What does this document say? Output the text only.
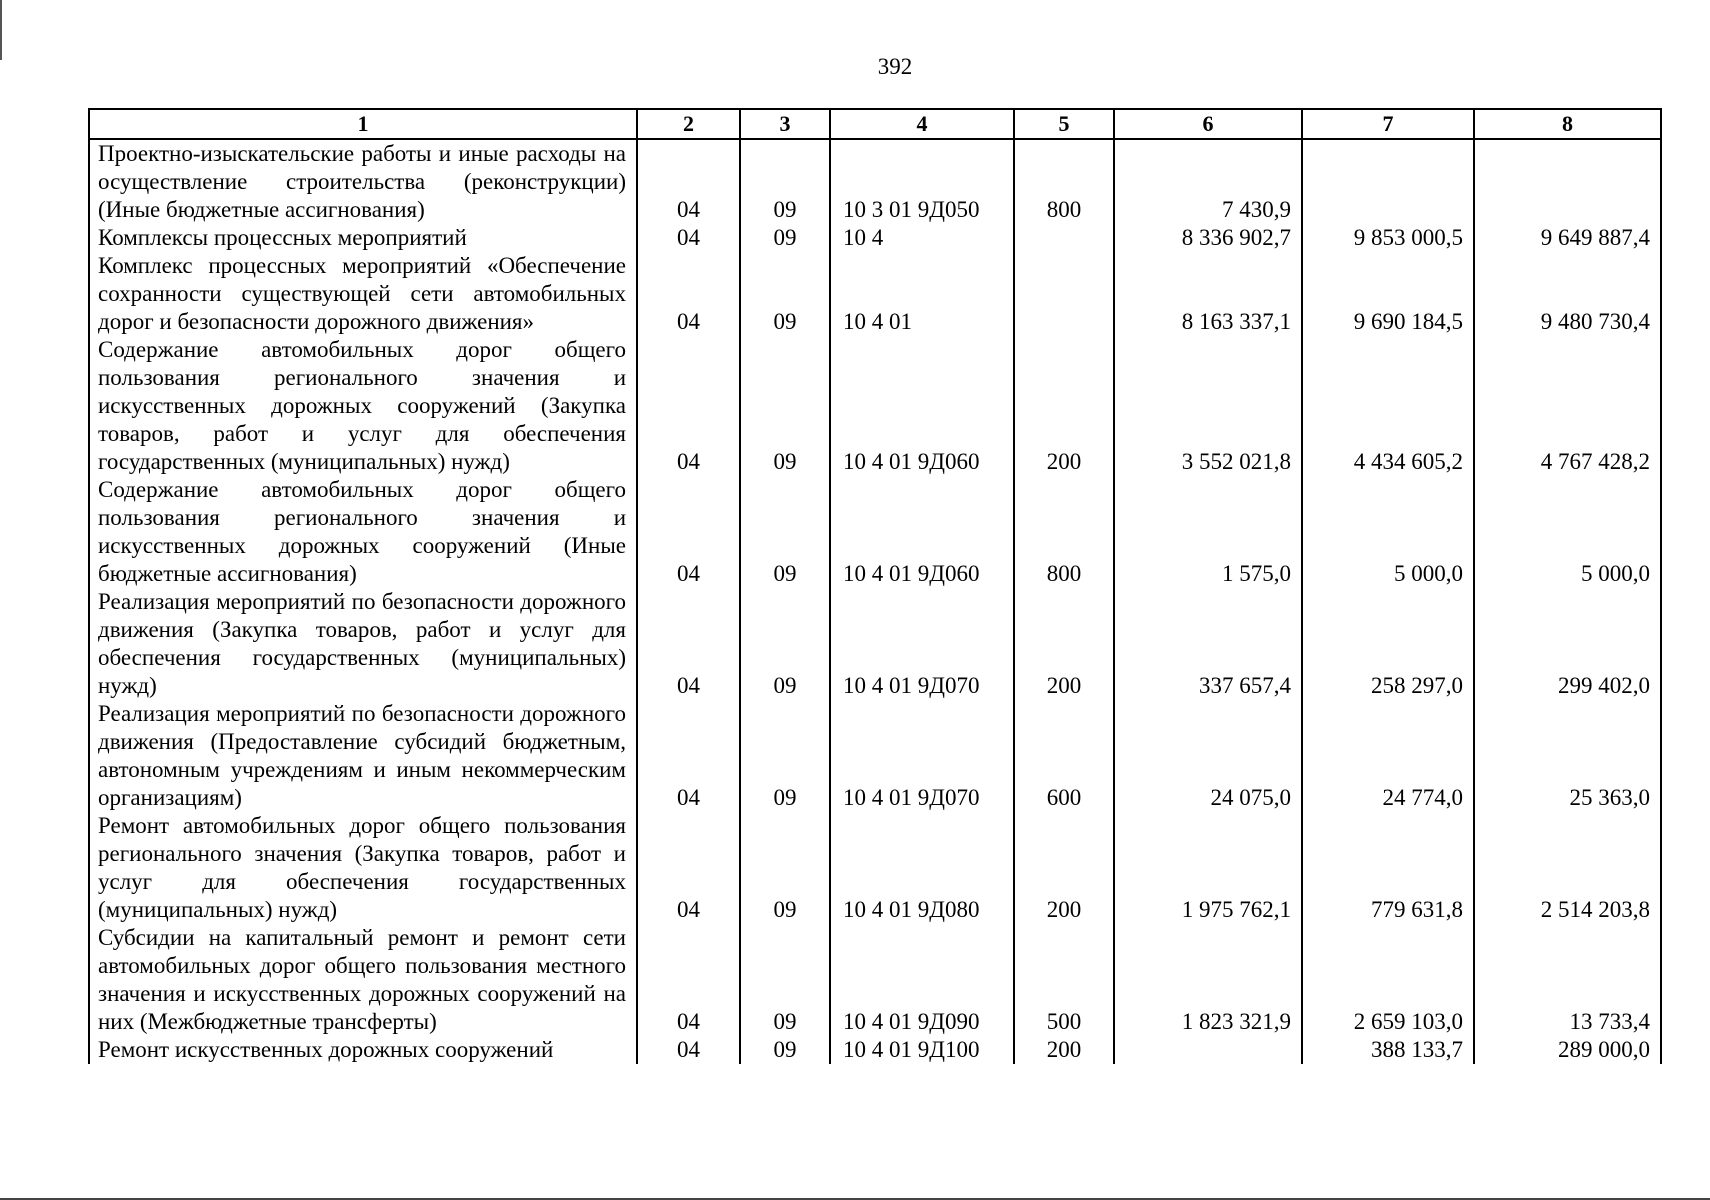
392
1	2	3	4	5	6	7	8
Проектно-изыскательские работы и иные расходы на осуществление строительства (реконструкции) (Иные бюджетные ассигнования)	04	09	10 3 01 9Д050	800	7 430,9		
Комплексы процессных мероприятий	04	09	10 4		8 336 902,7	9 853 000,5	9 649 887,4
Комплекс процессных мероприятий «Обеспечение сохранности существующей сети автомобильных дорог и безопасности дорожного движения»	04	09	10 4 01		8 163 337,1	9 690 184,5	9 480 730,4
Содержание автомобильных дорог общего пользования регионального значения и искусственных дорожных сооружений (Закупка товаров, работ и услуг для обеспечения государственных (муниципальных) нужд)	04	09	10 4 01 9Д060	200	3 552 021,8	4 434 605,2	4 767 428,2
Содержание автомобильных дорог общего пользования регионального значения и искусственных дорожных сооружений (Иные бюджетные ассигнования)	04	09	10 4 01 9Д060	800	1 575,0	5 000,0	5 000,0
Реализация мероприятий по безопасности дорожного движения (Закупка товаров, работ и услуг для обеспечения государственных (муниципальных) нужд)	04	09	10 4 01 9Д070	200	337 657,4	258 297,0	299 402,0
Реализация мероприятий по безопасности дорожного движения (Предоставление субсидий бюджетным, автономным учреждениям и иным некоммерческим организациям)	04	09	10 4 01 9Д070	600	24 075,0	24 774,0	25 363,0
Ремонт автомобильных дорог общего пользования регионального значения (Закупка товаров, работ и услуг для обеспечения государственных (муниципальных) нужд)	04	09	10 4 01 9Д080	200	1 975 762,1	779 631,8	2 514 203,8
Субсидии на капитальный ремонт и ремонт сети автомобильных дорог общего пользования местного значения и искусственных дорожных сооружений на них (Межбюджетные трансферты)	04	09	10 4 01 9Д090	500	1 823 321,9	2 659 103,0	13 733,4
Ремонт искусственных дорожных сооружений	04	09	10 4 01 9Д100	200		388 133,7	289 000,0
